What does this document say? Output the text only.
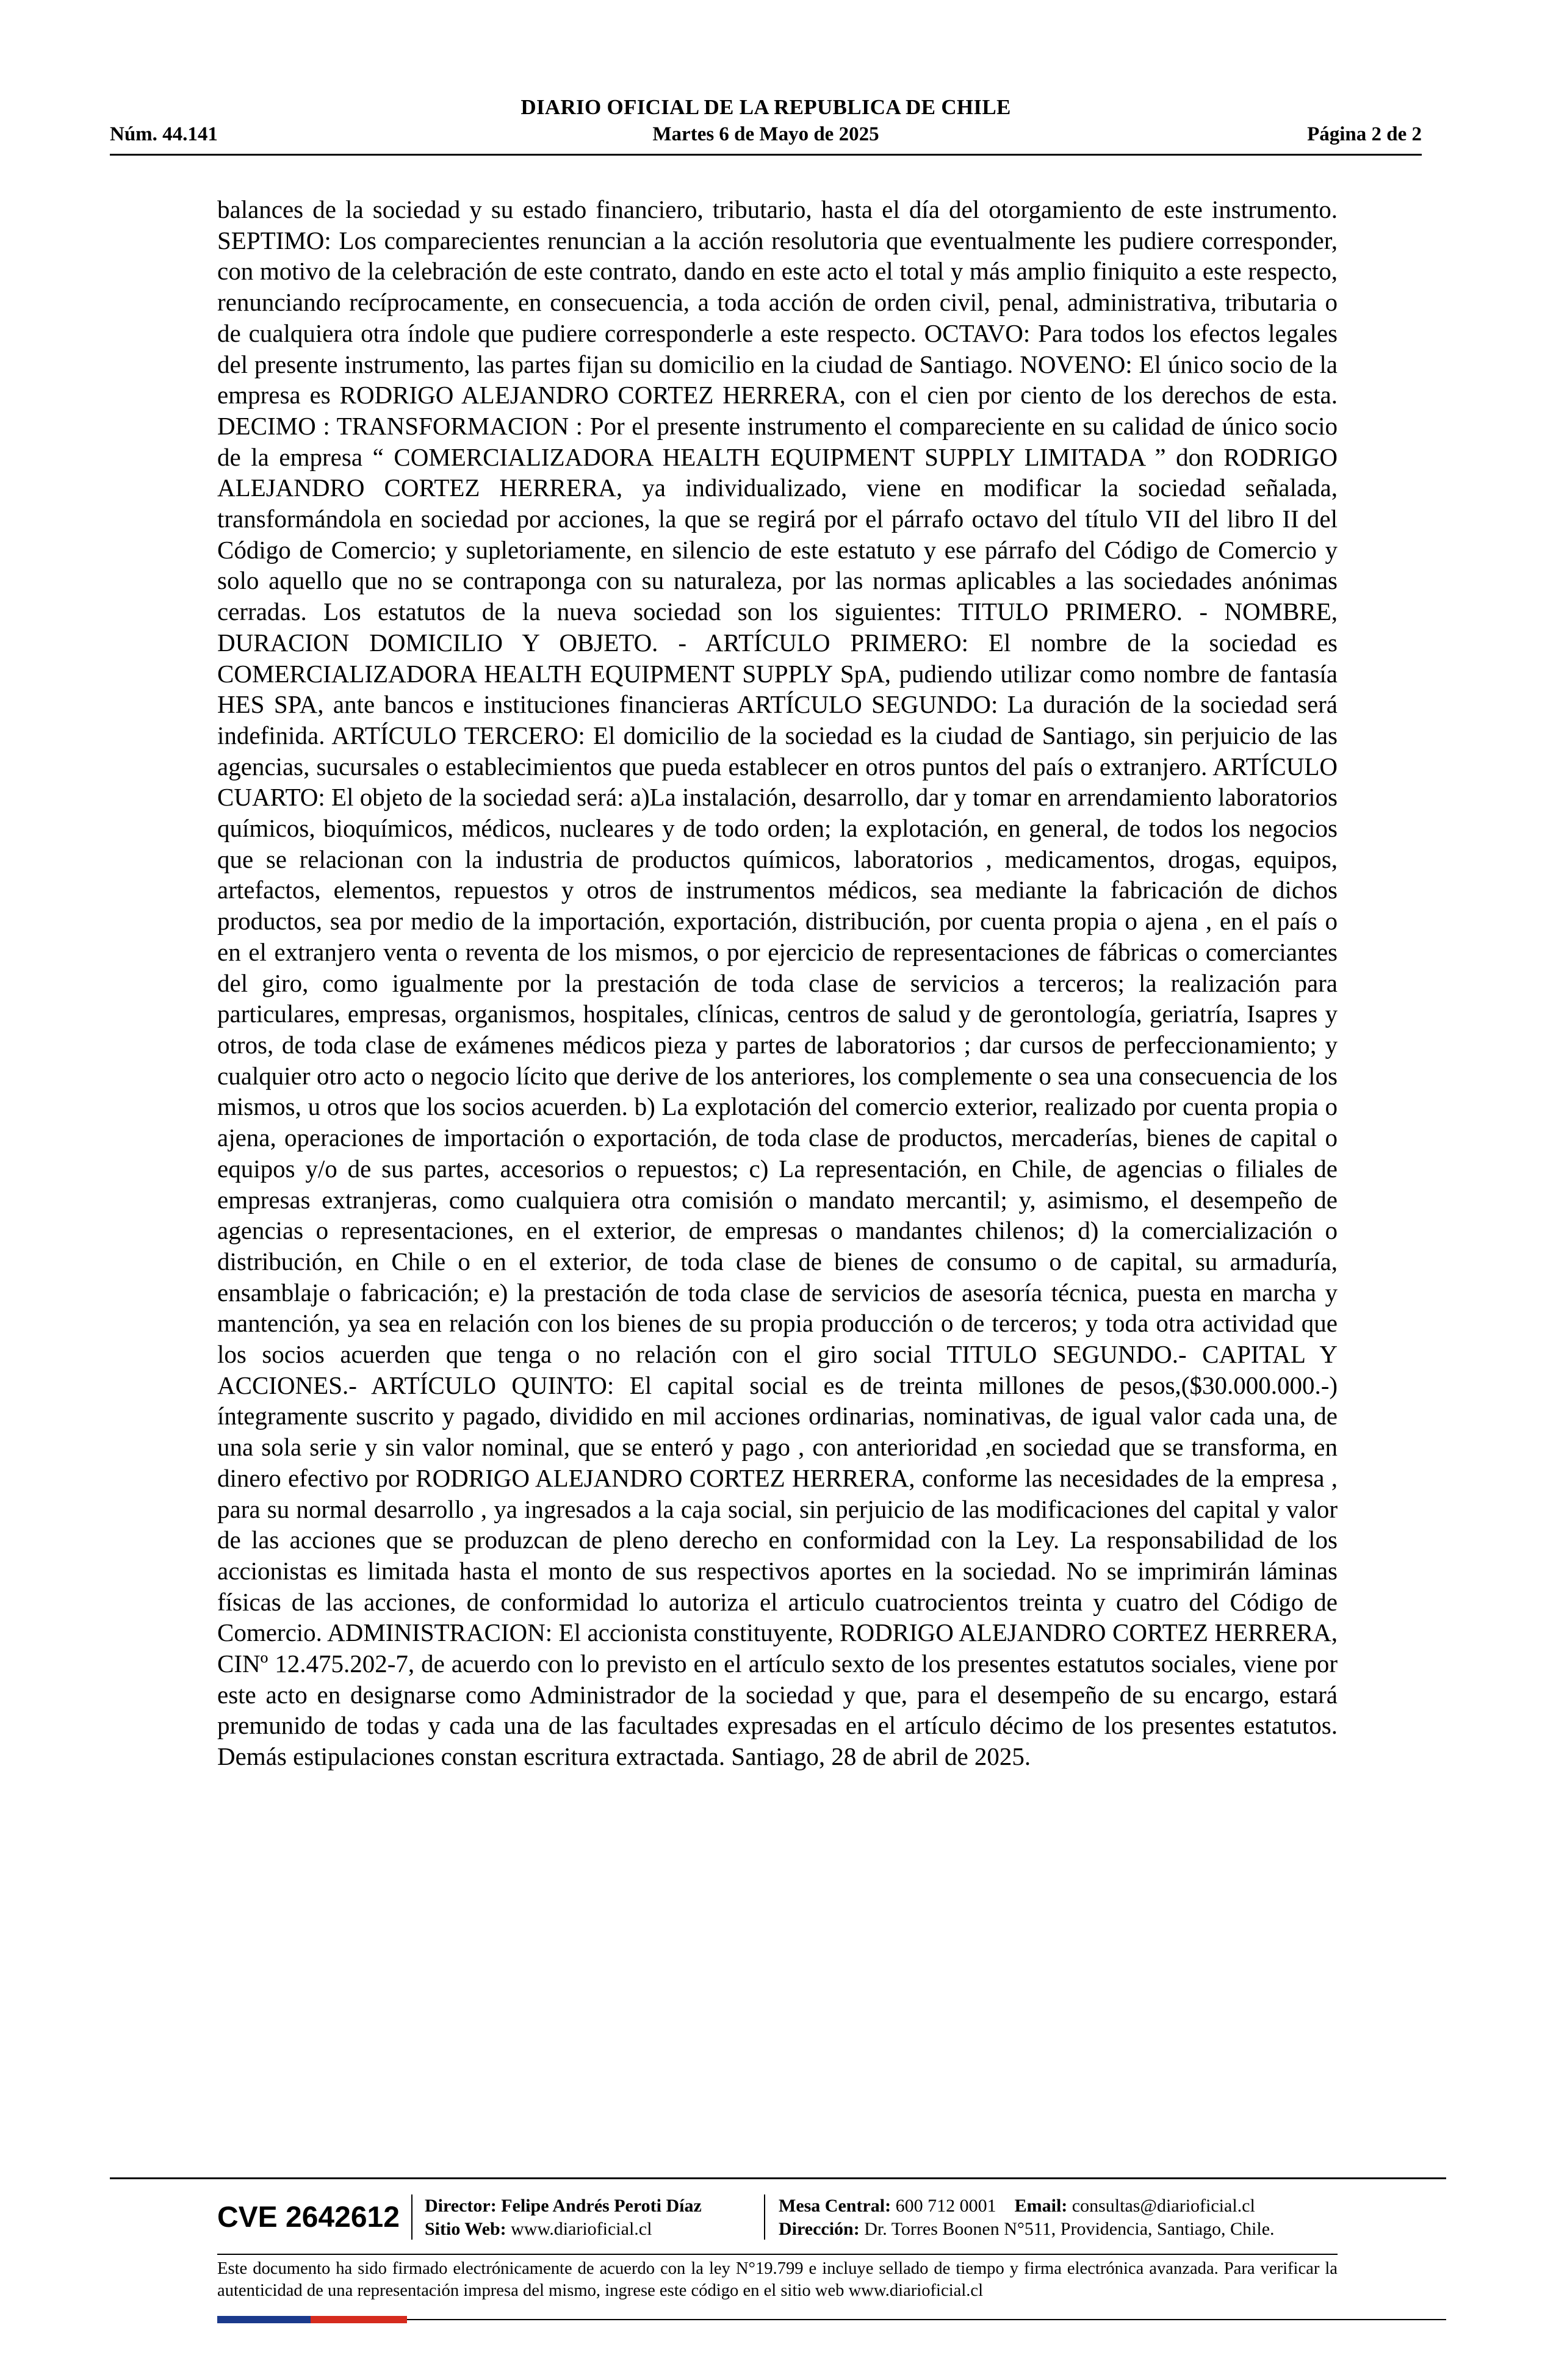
DIARIO OFICIAL DE LA REPUBLICA DE CHILE
Núm. 44.141	Martes 6 de Mayo de 2025	Página 2 de 2

balances de la sociedad y su estado financiero, tributario, hasta el día del otorgamiento de este instrumento. SEPTIMO: Los comparecientes renuncian a la acción resolutoria que eventualmente les pudiere corresponder, con motivo de la celebración de este contrato, dando en este acto el total y más amplio finiquito a este respecto, renunciando recíprocamente, en consecuencia, a toda acción de orden civil, penal, administrativa, tributaria o de cualquiera otra índole que pudiere corresponderle a este respecto. OCTAVO: Para todos los efectos legales del presente instrumento, las partes fijan su domicilio en la ciudad de Santiago. NOVENO: El único socio de la empresa es RODRIGO ALEJANDRO CORTEZ HERRERA, con el cien por ciento de los derechos de esta. DECIMO : TRANSFORMACION : Por el presente instrumento el compareciente en su calidad de único socio de la empresa “ COMERCIALIZADORA HEALTH EQUIPMENT SUPPLY LIMITADA ” don RODRIGO ALEJANDRO CORTEZ HERRERA, ya individualizado, viene en modificar la sociedad señalada, transformándola en sociedad por acciones, la que se regirá por el párrafo octavo del título VII del libro II del Código de Comercio; y supletoriamente, en silencio de este estatuto y ese párrafo del Código de Comercio y solo aquello que no se contraponga con su naturaleza, por las normas aplicables a las sociedades anónimas cerradas. Los estatutos de la nueva sociedad son los siguientes: TITULO PRIMERO. - NOMBRE, DURACION DOMICILIO Y OBJETO. - ARTÍCULO PRIMERO: El nombre de la sociedad es COMERCIALIZADORA HEALTH EQUIPMENT SUPPLY SpA, pudiendo utilizar como nombre de fantasía HES SPA, ante bancos e instituciones financieras ARTÍCULO SEGUNDO: La duración de la sociedad será indefinida. ARTÍCULO TERCERO: El domicilio de la sociedad es la ciudad de Santiago, sin perjuicio de las agencias, sucursales o establecimientos que pueda establecer en otros puntos del país o extranjero. ARTÍCULO CUARTO: El objeto de la sociedad será: a)La instalación, desarrollo, dar y tomar en arrendamiento laboratorios químicos, bioquímicos, médicos, nucleares y de todo orden; la explotación, en general, de todos los negocios que se relacionan con la industria de productos químicos, laboratorios , medicamentos, drogas, equipos, artefactos, elementos, repuestos y otros de instrumentos médicos, sea mediante la fabricación de dichos productos, sea por medio de la importación, exportación, distribución, por cuenta propia o ajena , en el país o en el extranjero venta o reventa de los mismos, o por ejercicio de representaciones de fábricas o comerciantes del giro, como igualmente por la prestación de toda clase de servicios a terceros; la realización para particulares, empresas, organismos, hospitales, clínicas, centros de salud y de gerontología, geriatría, Isapres y otros, de toda clase de exámenes médicos pieza y partes de laboratorios ; dar cursos de perfeccionamiento; y cualquier otro acto o negocio lícito que derive de los anteriores, los complemente o sea una consecuencia de los mismos, u otros que los socios acuerden. b) La explotación del comercio exterior, realizado por cuenta propia o ajena, operaciones de importación o exportación, de toda clase de productos, mercaderías, bienes de capital o equipos y/o de sus partes, accesorios o repuestos; c) La representación, en Chile, de agencias o filiales de empresas extranjeras, como cualquiera otra comisión o mandato mercantil; y, asimismo, el desempeño de agencias o representaciones, en el exterior, de empresas o mandantes chilenos; d) la comercialización o distribución, en Chile o en el exterior, de toda clase de bienes de consumo o de capital, su armaduría, ensamblaje o fabricación; e) la prestación de toda clase de servicios de asesoría técnica, puesta en marcha y mantención, ya sea en relación con los bienes de su propia producción o de terceros; y toda otra actividad que los socios acuerden que tenga o no relación con el giro social TITULO SEGUNDO.- CAPITAL Y ACCIONES.- ARTÍCULO QUINTO: El capital social es de treinta millones de pesos,($30.000.000.-) íntegramente suscrito y pagado, dividido en mil acciones ordinarias, nominativas, de igual valor cada una, de una sola serie y sin valor nominal, que se enteró y pago , con anterioridad ,en sociedad que se transforma, en dinero efectivo por RODRIGO ALEJANDRO CORTEZ HERRERA, conforme las necesidades de la empresa , para su normal desarrollo , ya ingresados a la caja social, sin perjuicio de las modificaciones del capital y valor de las acciones que se produzcan de pleno derecho en conformidad con la Ley. La responsabilidad de los accionistas es limitada hasta el monto de sus respectivos aportes en la sociedad. No se imprimirán láminas físicas de las acciones, de conformidad lo autoriza el articulo cuatrocientos treinta y cuatro del Código de Comercio. ADMINISTRACION: El accionista constituyente, RODRIGO ALEJANDRO CORTEZ HERRERA, CINº 12.475.202-7, de acuerdo con lo previsto en el artículo sexto de los presentes estatutos sociales, viene por este acto en designarse como Administrador de la sociedad y que, para el desempeño de su encargo, estará premunido de todas y cada una de las facultades expresadas en el artículo décimo de los presentes estatutos. Demás estipulaciones constan escritura extractada. Santiago, 28 de abril de 2025.

CVE 2642612 Director: Felipe Andrés Peroti Díaz
Sitio Web: www.diarioficial.cl
Mesa Central: 600 712 0001 Email: consultas@diarioficial.cl
Dirección: Dr. Torres Boonen N°511, Providencia, Santiago, Chile.

Este documento ha sido firmado electrónicamente de acuerdo con la ley N°19.799 e incluye sellado de tiempo y firma electrónica avanzada. Para verificar la autenticidad de una representación impresa del mismo, ingrese este código en el sitio web www.diarioficial.cl
